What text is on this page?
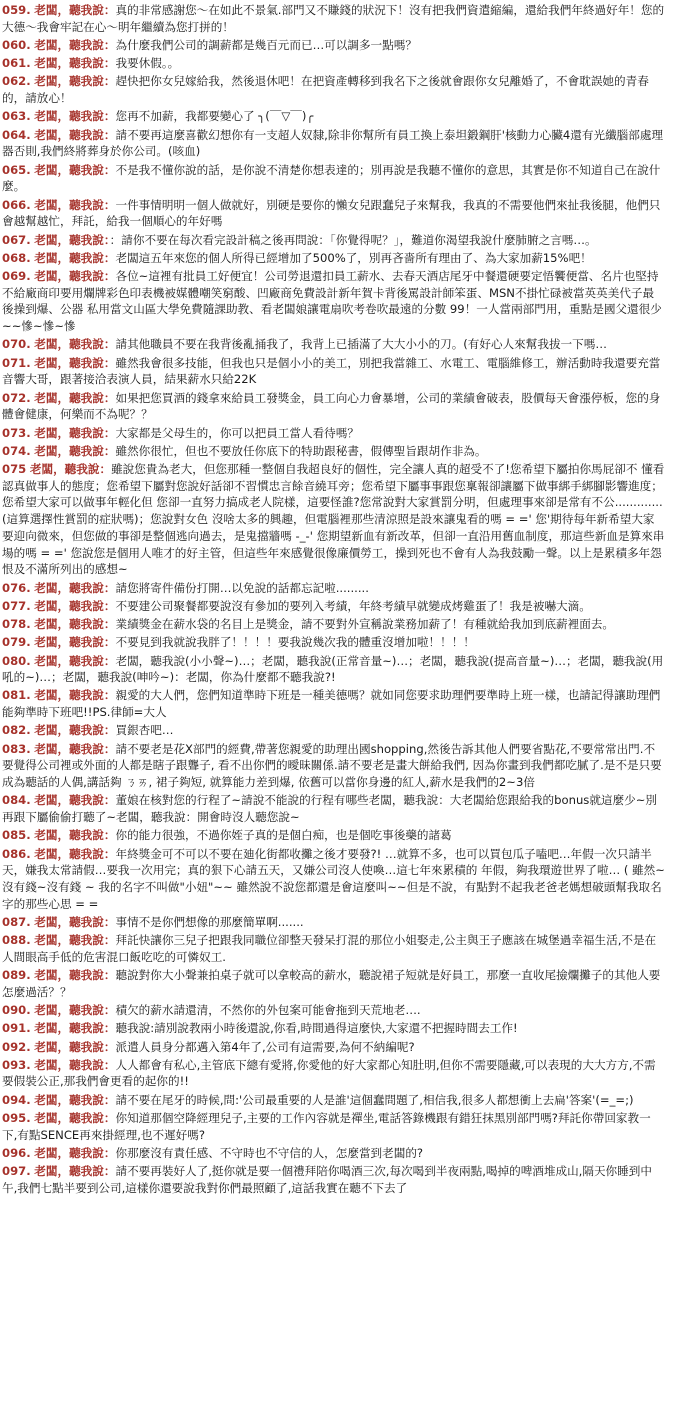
059. 老闆，聽我說：真的非常感謝您～在如此不景氣.部門又不賺錢的狀況下！沒有把我們資遣縮編，還給我們年終過好年！您的大德～我會牢記在心～明年繼續為您打拼的！
060. 老闆，聽我說：為什麼我們公司的調薪都是幾百元而已…可以調多一點嗎？
061. 老闆，聽我說：我要休假。。
062. 老闆，聽我說：趕快把你女兒嫁給我，然後退休吧！在把資產轉移到我名下之後就會跟你女兒離婚了，不會耽誤她的青春的，請放心！
063. 老闆，聽我說：您再不加薪，我都要變心了 ╮(￣▽￣)╭
064. 老闆，聽我說：請不要再這麼喜歡幻想你有一支超人奴隸,除非你幫所有員工換上泰坦鍛鋼肝'核動力心臟4還有光纖腦部處理器否則,我們終將葬身於你公司。(咳血)
065. 老闆，聽我說：不是我不懂你說的話，是你說不清楚你想表達的；別再說是我聽不懂你的意思，其實是你不知道自己在說什麼。
066. 老闆，聽我說：一件事情明明一個人做就好，別硬是要你的懶女兒跟蠢兒子來幫我，我真的不需要他們來扯我後腿，他們只會越幫越忙，拜託，給我一個順心的年好嗎
067. 老闆，聽我說：：請你不要在每次看完設計稿之後再問說：「你覺得呢？」，難道你渴望我說什麼肺腑之言嗎…。
068. 老闆，聽我說：老闆這五年來您的個人所得已經增加了500%了，別再吝嗇所有理由了、為大家加薪15%吧！
069. 老闆，聽我說：各位~這裡有批員工好便宜！公司勞退還扣員工薪水、去春天酒店尾牙中餐還硬要定悟饗便當、名片也堅持不給廠商印要用爛牌彩色印表機被媒體嘲笑窮酸、凹廠商免費設計新年賀卡背後罵設計師笨蛋、MSN不掛忙碌被當英英美代子最後操到爆、公器 私用當文山區大學免費隨課助教、看老闆娘讓電扇吹考卷吹最遠的分數 99！一人當兩部門用，重點是國父還很少~~慘~慘~慘
070. 老闆，聽我說：請其他職員不要在我背後亂捅我了，我背上已插滿了大大小小的刀。(有好心人來幫我拔一下嗎…
071. 老闆，聽我說：雖然我會很多技能，但我也只是個小小的美工，別把我當雜工、水電工、電腦維修工，辦活動時我還要充當音響大哥，跟著接洽表演人員，結果薪水只給22K
072. 老闆，聽我說：如果把您買酒的錢拿來給員工發獎金，員工向心力會暴增，公司的業績會破表，股價每天會漲停板，您的身體會健康，何樂而不為呢？？
073. 老闆，聽我說：大家都是父母生的，你可以把員工當人看待嗎？
074. 老闆，聽我說：雖然你很忙，但也不要放任你底下的特助跟秘書，假傳聖旨跟胡作非為。
075 老闆，聽我說：雖說您貴為老大，但您那種一整個自我超良好的個性，完全讓人真的超受不了!您希望下屬拍你馬屁卻不 懂看認真做事人的態度；您希望下屬對您說好話卻不習慣忠言餘音繞耳旁；您希望下屬事事跟您稟報卻讓屬下做事綁手綁腳影響進度；您希望大家可以做事年輕化但 您卻一直努力搞成老人院樣，這要怪誰?您常說對大家賞罰分明，但處理事來卻是常有不公.............(這算選擇性賞罰的症狀嗎)；您說對女色 沒啥太多的興趣，但電腦裡那些清涼照是設來讓鬼看的嗎 = =' 您'期待每年新希望大家要迎向微來，但您做的事卻是整個逃向過去，是鬼擋牆嗎 -_-' 您期望新血有新改革，但卻一直沿用舊血制度，那這些新血是算來串場的嗎 = =' 您說您是個用人唯才的好主管，但這些年來感覺很像廉價勞工，操到死也不會有人為我鼓勵一聲。以上是累積多年怨恨及不滿所列出的感想~
076. 老闆，聽我說：請您將寄件備份打開…以免說的話都忘記啦.........
077. 老闆，聽我說：不要建公司聚餐都要說沒有參加的要列入考績，年終考績早就變成烤雞蛋了！我是被嚇大滴。
078. 老闆，聽我說：業績獎金在薪水袋的名目上是獎金，請不要對外宣稱說業務加薪了！有種就給我加到底薪裡面去。
079. 老闆，聽我說：不要見到我就說我胖了！！！！要我說幾次我的體重沒增加啦！！！！
080. 老闆，聽我說：老闆，聽我說(小小聲~)…；老闆，聽我說(正常音量~)…；老闆，聽我說(提高音量~)…；老闆，聽我說(用吼的~)…；老闆，聽我說(呻吟~)：老闆，你為什麼都不聽我說?!
081. 老闆，聽我說：親愛的大人們，您們知道準時下班是一種美德嗎？就如同您要求助理們要準時上班一樣，也請記得讓助理們能夠準時下班吧!!PS.律師=大人
082. 老闆，聽我說：買銀杏吧…
083. 老闆，聽我說：請不要老是花X部門的經費,帶著您親愛的助理出國shopping,然後告訴其他人們要省點花,不要常常出門.不要覺得公司裡或外面的人都是瞎子跟聾子, 看不出你們的曖昧關係.請不要老是畫大餅給我們, 因為你畫到我們都吃膩了.是不是只要成為聽話的人偶,講話夠 ㄋㄞ, 裙子夠短, 就算能力差到爆, 依舊可以當你身邊的紅人,薪水是我們的2~3倍
084. 老闆，聽我說：董娘在核對您的行程了~請說不能說的行程有哪些老闆，聽我說：大老闆給您跟給我的bonus就這麼少~別再跟下屬偷偷打聽了~老闆，聽我說：開會時沒人聽您說~
085. 老闆，聽我說：你的能力很強，不過你姪子真的是個白痴，也是個吃事後藥的諸葛
086. 老闆，聽我說：年終獎金可不可以不要在廸化街都收攤之後才要發?! …就算不多，也可以買包瓜子嗑吧…年假一次只請半天，嫌我太常請假…要我一次用完；真的狠下心請五天，又嫌公司沒人使喚…這七年來累積的 年假，夠我環遊世界了啦… ( 雖然~沒有錢~沒有錢 ~ 我的名字不叫做"小妞"~~ 雖然說不說您都還是會這麼叫~~但是不說，有點對不起我老爸老媽想破頭幫我取名字的那些心思 = =
087. 老闆，聽我說：事情不是你們想像的那麼簡單啊.......
088. 老闆，聽我說：拜託快讓你三兒子把跟我同職位卻整天發呆打混的那位小姐娶走,公主與王子應該在城堡過幸福生活,不是在人間眼高手低的危害混口飯吃吃的可憐奴工.
089. 老闆，聽我說：聽說對你大小聲兼拍桌子就可以拿較高的薪水，聽說裙子短就是好員工，那麼一直收尾撿爛攤子的其他人要怎麼過活？？
090. 老闆，聽我說：積欠的薪水請還清，不然你的外包案可能會拖到天荒地老….
091. 老闆，聽我說：聽我說:請別說教兩小時後還說,你看,時間過得這麼快,大家還不把握時間去工作!
092. 老闆，聽我說：派遣人員身分都邁入第4年了,公司有這需要,為何不納編呢?
093. 老闆，聽我說：人人都會有私心,主管底下總有愛將,你愛他的好大家都心知肚明,但你不需要隱藏,可以表現的大大方方,不需要假裝公正,那我們會更看的起你的!!
094. 老闆，聽我說：請不要在尾牙的時候,問:'公司最重要的人是誰'這個蠢問題了,相信我,很多人都想衝上去扁'答案'(=_=;)
095. 老闆，聽我說：你知道那個空降經理兒子,主要的工作內容就是禪坐,電話答錄機跟有錯狂抹黑別部門嗎?拜託你帶回家教一下,有點SENCE再來掛經理,也不遲好嗎?
096. 老闆，聽我說：你那麼沒有責任感、不守時也不守信的人，怎麼當到老闆的?
097. 老闆，聽我說：請不要再裝好人了,挺你就是要一個禮拜陪你喝酒三次,每次喝到半夜兩點,喝掉的啤酒堆成山,隔天你睡到中午,我們七點半要到公司,這樣你還要說我對你們最照顧了,這話我實在聽不下去了
